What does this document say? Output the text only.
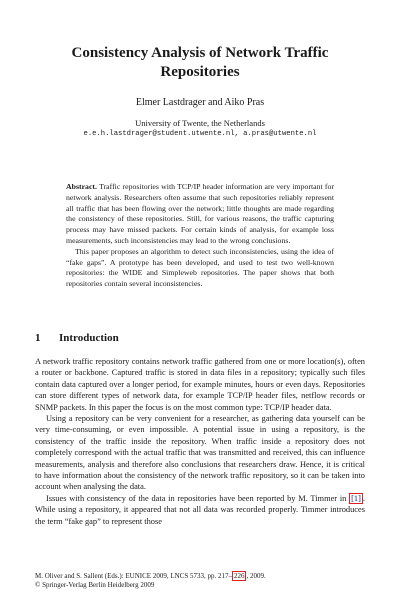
Consistency Analysis of Network Traffic Repositories
Elmer Lastdrager and Aiko Pras
University of Twente, the Netherlands
e.e.h.lastdrager@student.utwente.nl, a.pras@utwente.nl

Abstract. Traffic repositories with TCP/IP header information are very important for network analysis. Researchers often assume that such repositories reliably represent all traffic that has been flowing over the network; little thoughts are made regarding the consistency of these repositories. Still, for various reasons, the traffic capturing process may have missed packets. For certain kinds of analysis, for example loss measurements, such inconsistencies may lead to the wrong conclusions.

This paper proposes an algorithm to detect such inconsistencies, using the idea of “fake gaps”. A prototype has been developed, and used to test two well-known repositories: the WIDE and Simpleweb repositories. The paper shows that both repositories contain several inconsistencies.

1 Introduction

A network traffic repository contains network traffic gathered from one or more location(s), often a router or backbone. Captured traffic is stored in data files in a repository; typically such files contain data captured over a longer period, for example minutes, hours or even days. Repositories can store different types of network data, for example TCP/IP header files, netflow records or SNMP packets. In this paper the focus is on the most common type: TCP/IP header data.

Using a repository can be very convenient for a researcher, as gathering data yourself can be very time-consuming, or even impossible. A potential issue in using a repository, is the consistency of the traffic inside the repository. When traffic inside a repository does not completely correspond with the actual traffic that was transmitted and received, this can influence measurements, analysis and therefore also conclusions that researchers draw. Hence, it is critical to have information about the consistency of the network traffic repository, so it can be taken into account when analysing the data.

Issues with consistency of the data in repositories have been reported by M. Timmer in [1] . While using a repository, it appeared that not all data was recorded properly. Timmer introduces the term “fake gap” to represent those

M. Oliver and S. Sallent (Eds.): EUNICE 2009, LNCS 5733, pp. 217– 226 , 2009.
© Springer-Verlag Berlin Heidelberg 2009
